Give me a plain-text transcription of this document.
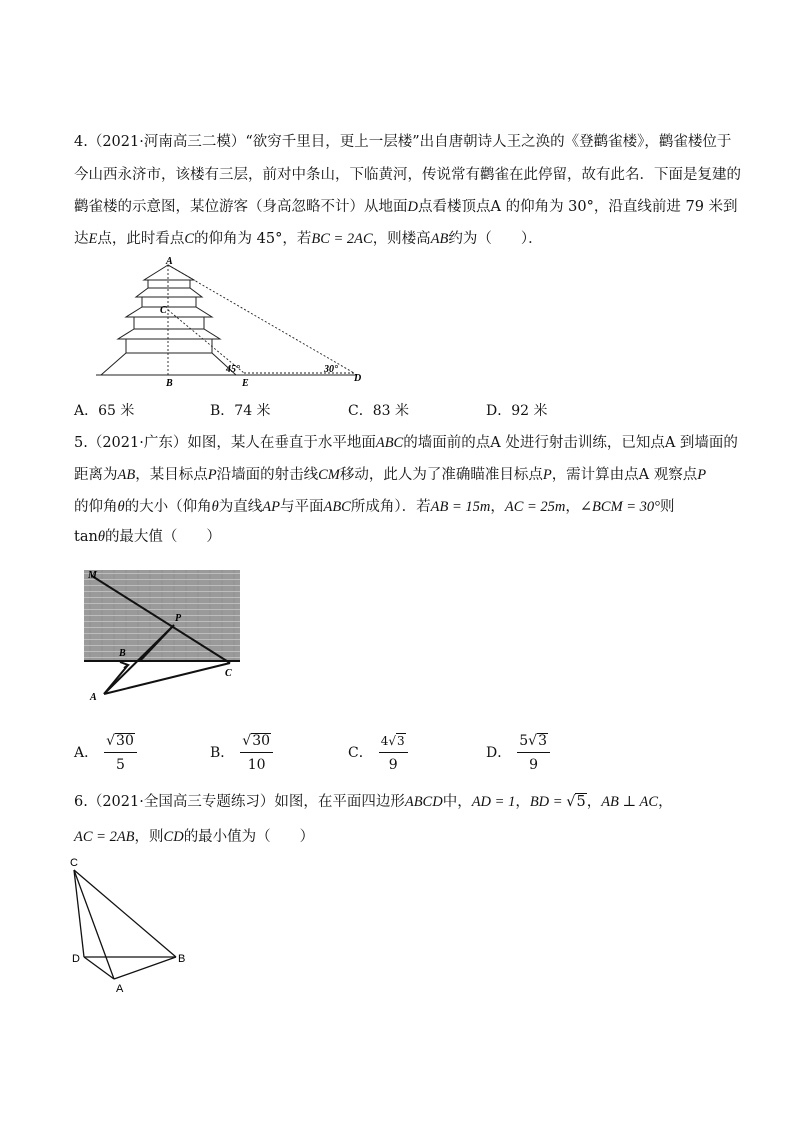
4.（2021·河南高三二模）“欲穷千里目，更上一层楼”出自唐朝诗人王之涣的《登鹳雀楼》，鹳雀楼位于
今山西永济市，该楼有三层，前对中条山，下临黄河，传说常有鹳雀在此停留，故有此名．下面是复建的
鹳雀楼的示意图，某位游客（身高忽略不计）从地面D点看楼顶点A 的仰角为 30°，沿直线前进 79 米到
达E点，此时看点C的仰角为 45°，若BC = 2AC，则楼高AB约为（　　）．
A
C
B
45°
E
30°
D
A．65 米	B．74 米	C．83 米	D．92 米
5.（2021·广东）如图，某人在垂直于水平地面ABC的墙面前的点A 处进行射击训练，已知点A 到墙面的
距离为AB，某目标点P沿墙面的射击线CM移动，此人为了准确瞄准目标点P，需计算由点A 观察点P
的仰角θ的大小（仰角θ为直线AP与平面ABC所成角）．若AB = 15m，AC = 25m，∠BCM = 30°则
tanθ的最大值（　　）
M
P
B
A
C
A． $\frac{√30}{5}$	B． $\frac{√30}{10}$	C． $\frac{4√3}{9}$	D． $\frac{5√3}{9}$
6.（2021·全国高三专题练习）如图，在平面四边形ABCD中，AD = 1，BD = √5，AB ⊥ AC，
AC = 2AB，则CD的最小值为（　　）
C
D	B
A
